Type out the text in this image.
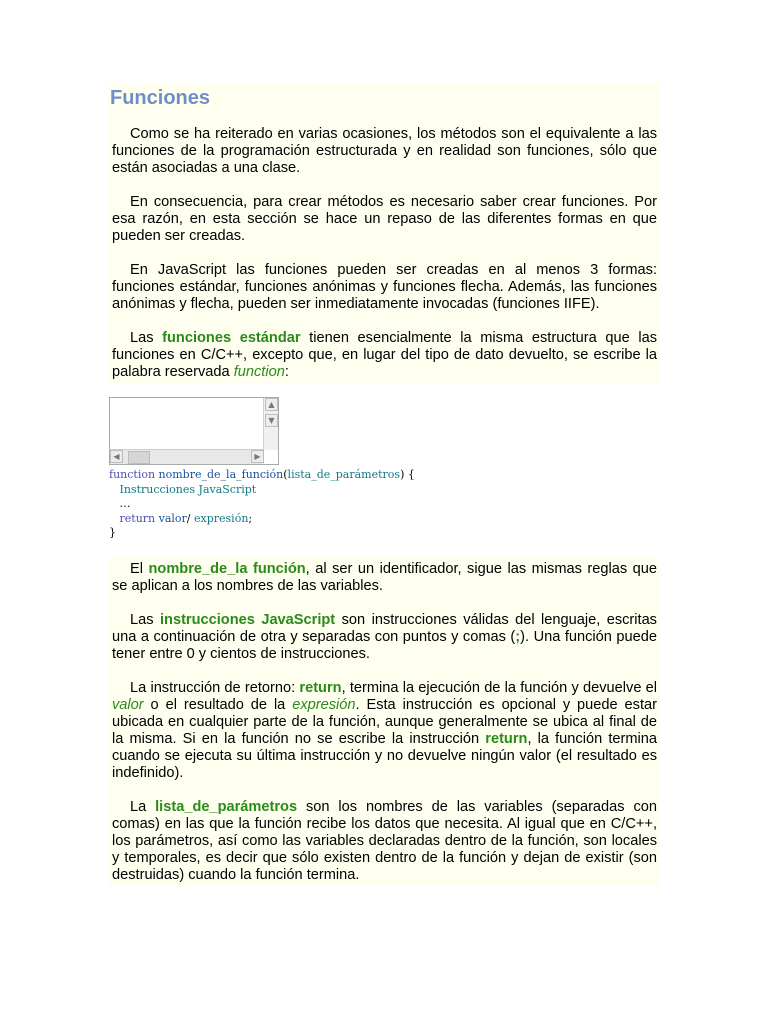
Funciones

Como se ha reiterado en varias ocasiones, los métodos son el equivalente a las funciones de la programación estructurada y en realidad son funciones, sólo que están asociadas a una clase.

En consecuencia, para crear métodos es necesario saber crear funciones. Por esa razón, en esta sección se hace un repaso de las diferentes formas en que pueden ser creadas.

En JavaScript las funciones pueden ser creadas en al menos 3 formas: funciones estándar, funciones anónimas y funciones flecha. Además, las funciones anónimas y flecha, pueden ser inmediatamente invocadas (funciones IIFE).

Las funciones estándar tienen esencialmente la misma estructura que las funciones en C/C++, excepto que, en lugar del tipo de dato devuelto, se escribe la palabra reservada function:

▲
▼
◀	▶
function nombre_de_la_función(lista_de_parámetros) {
Instrucciones JavaScript
…
return valor/ expresión;
}

El nombre_de_la función, al ser un identificador, sigue las mismas reglas que se aplican a los nombres de las variables.

Las instrucciones JavaScript son instrucciones válidas del lenguaje, escritas una a continuación de otra y separadas con puntos y comas (;). Una función puede tener entre 0 y cientos de instrucciones.

La instrucción de retorno: return, termina la ejecución de la función y devuelve el valor o el resultado de la expresión. Esta instrucción es opcional y puede estar ubicada en cualquier parte de la función, aunque generalmente se ubica al final de la misma. Si en la función no se escribe la instrucción return, la función termina cuando se ejecuta su última instrucción y no devuelve ningún valor (el resultado es indefinido).

La lista_de_parámetros son los nombres de las variables (separadas con comas) en las que la función recibe los datos que necesita. Al igual que en C/C++, los parámetros, así como las variables declaradas dentro de la función, son locales y temporales, es decir que sólo existen dentro de la función y dejan de existir (son destruidas) cuando la función termina.
